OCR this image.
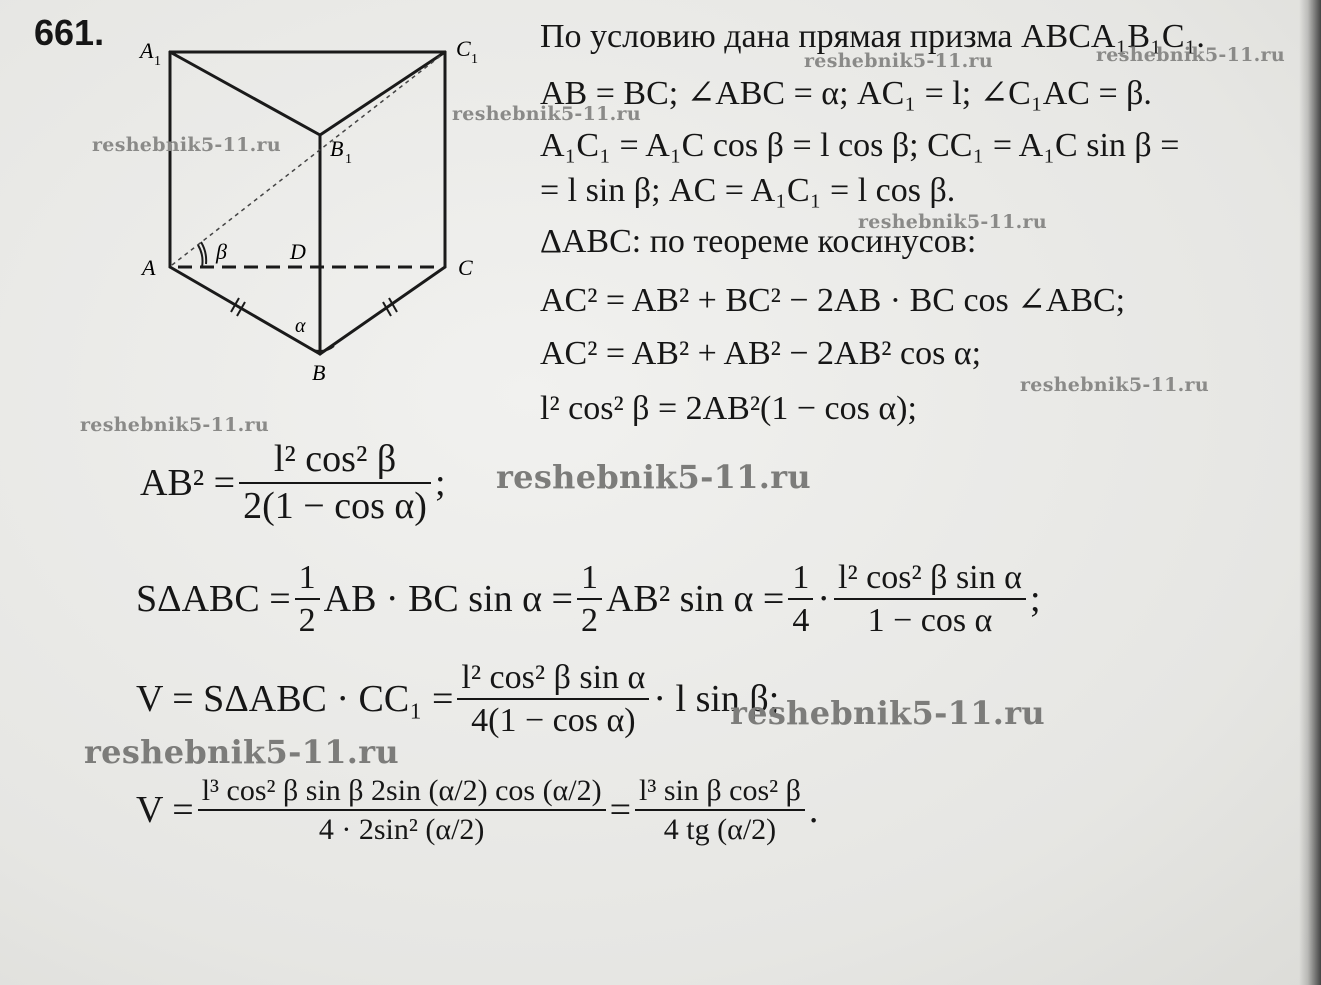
661. A 1
C 1
B 1
A	C
D
B
β
α
По условию дана прямая призма ABCA₁B₁C₁.
AB = BC; ∠ABC = α; AC₁ = l; ∠C₁AC = β.
A₁C₁ = A₁C cos β = l cos β; CC₁ = A₁C sin β =
= l sin β; AC = A₁C₁ = l cos β.
ΔABC: по теореме косинусов:
AC² = AB² + BC² − 2AB · BC cos ∠ABC;
AC² = AB² + AB² − 2AB² cos α;
l² cos² β = 2AB²(1 − cos α);
$AB^2 = \frac{\text{l² cos² β}}{\text{2(1 − cos α)}}$ ;
$S\Delta ABC = \frac{1}{2}$ AB · BC $\sin \alpha = \frac{1}{2} AB^2$ $\sin \alpha = \frac{1}{4} \cdot \frac{\text{l² cos² β sin α}}{\text{1 − cos α}}$ ;
$V = S\Delta ABC \cdot CC_1 = \frac{\text{l² cos² β sin α}}{\text{4(1 − cos α)}} \cdot l$ sin β;
$V = \frac{\text{l³ cos² β sin β 2sin (α/2) cos (α/2)}}{\text{4 · 2sin² (α/2)}} = \frac{\text{l³ sin β cos² β}}{4 tg (\alpha/2)}$ .
reshebnik5-11.ru	reshebnik5-11.ru
reshebnik5-11.ru
reshebnik5-11.ru
reshebnik5-11.ru
reshebnik5-11.ru
reshebnik5-11.ru
reshebnik5-11.ru
reshebnik5-11.ru
reshebnik5-11.ru
